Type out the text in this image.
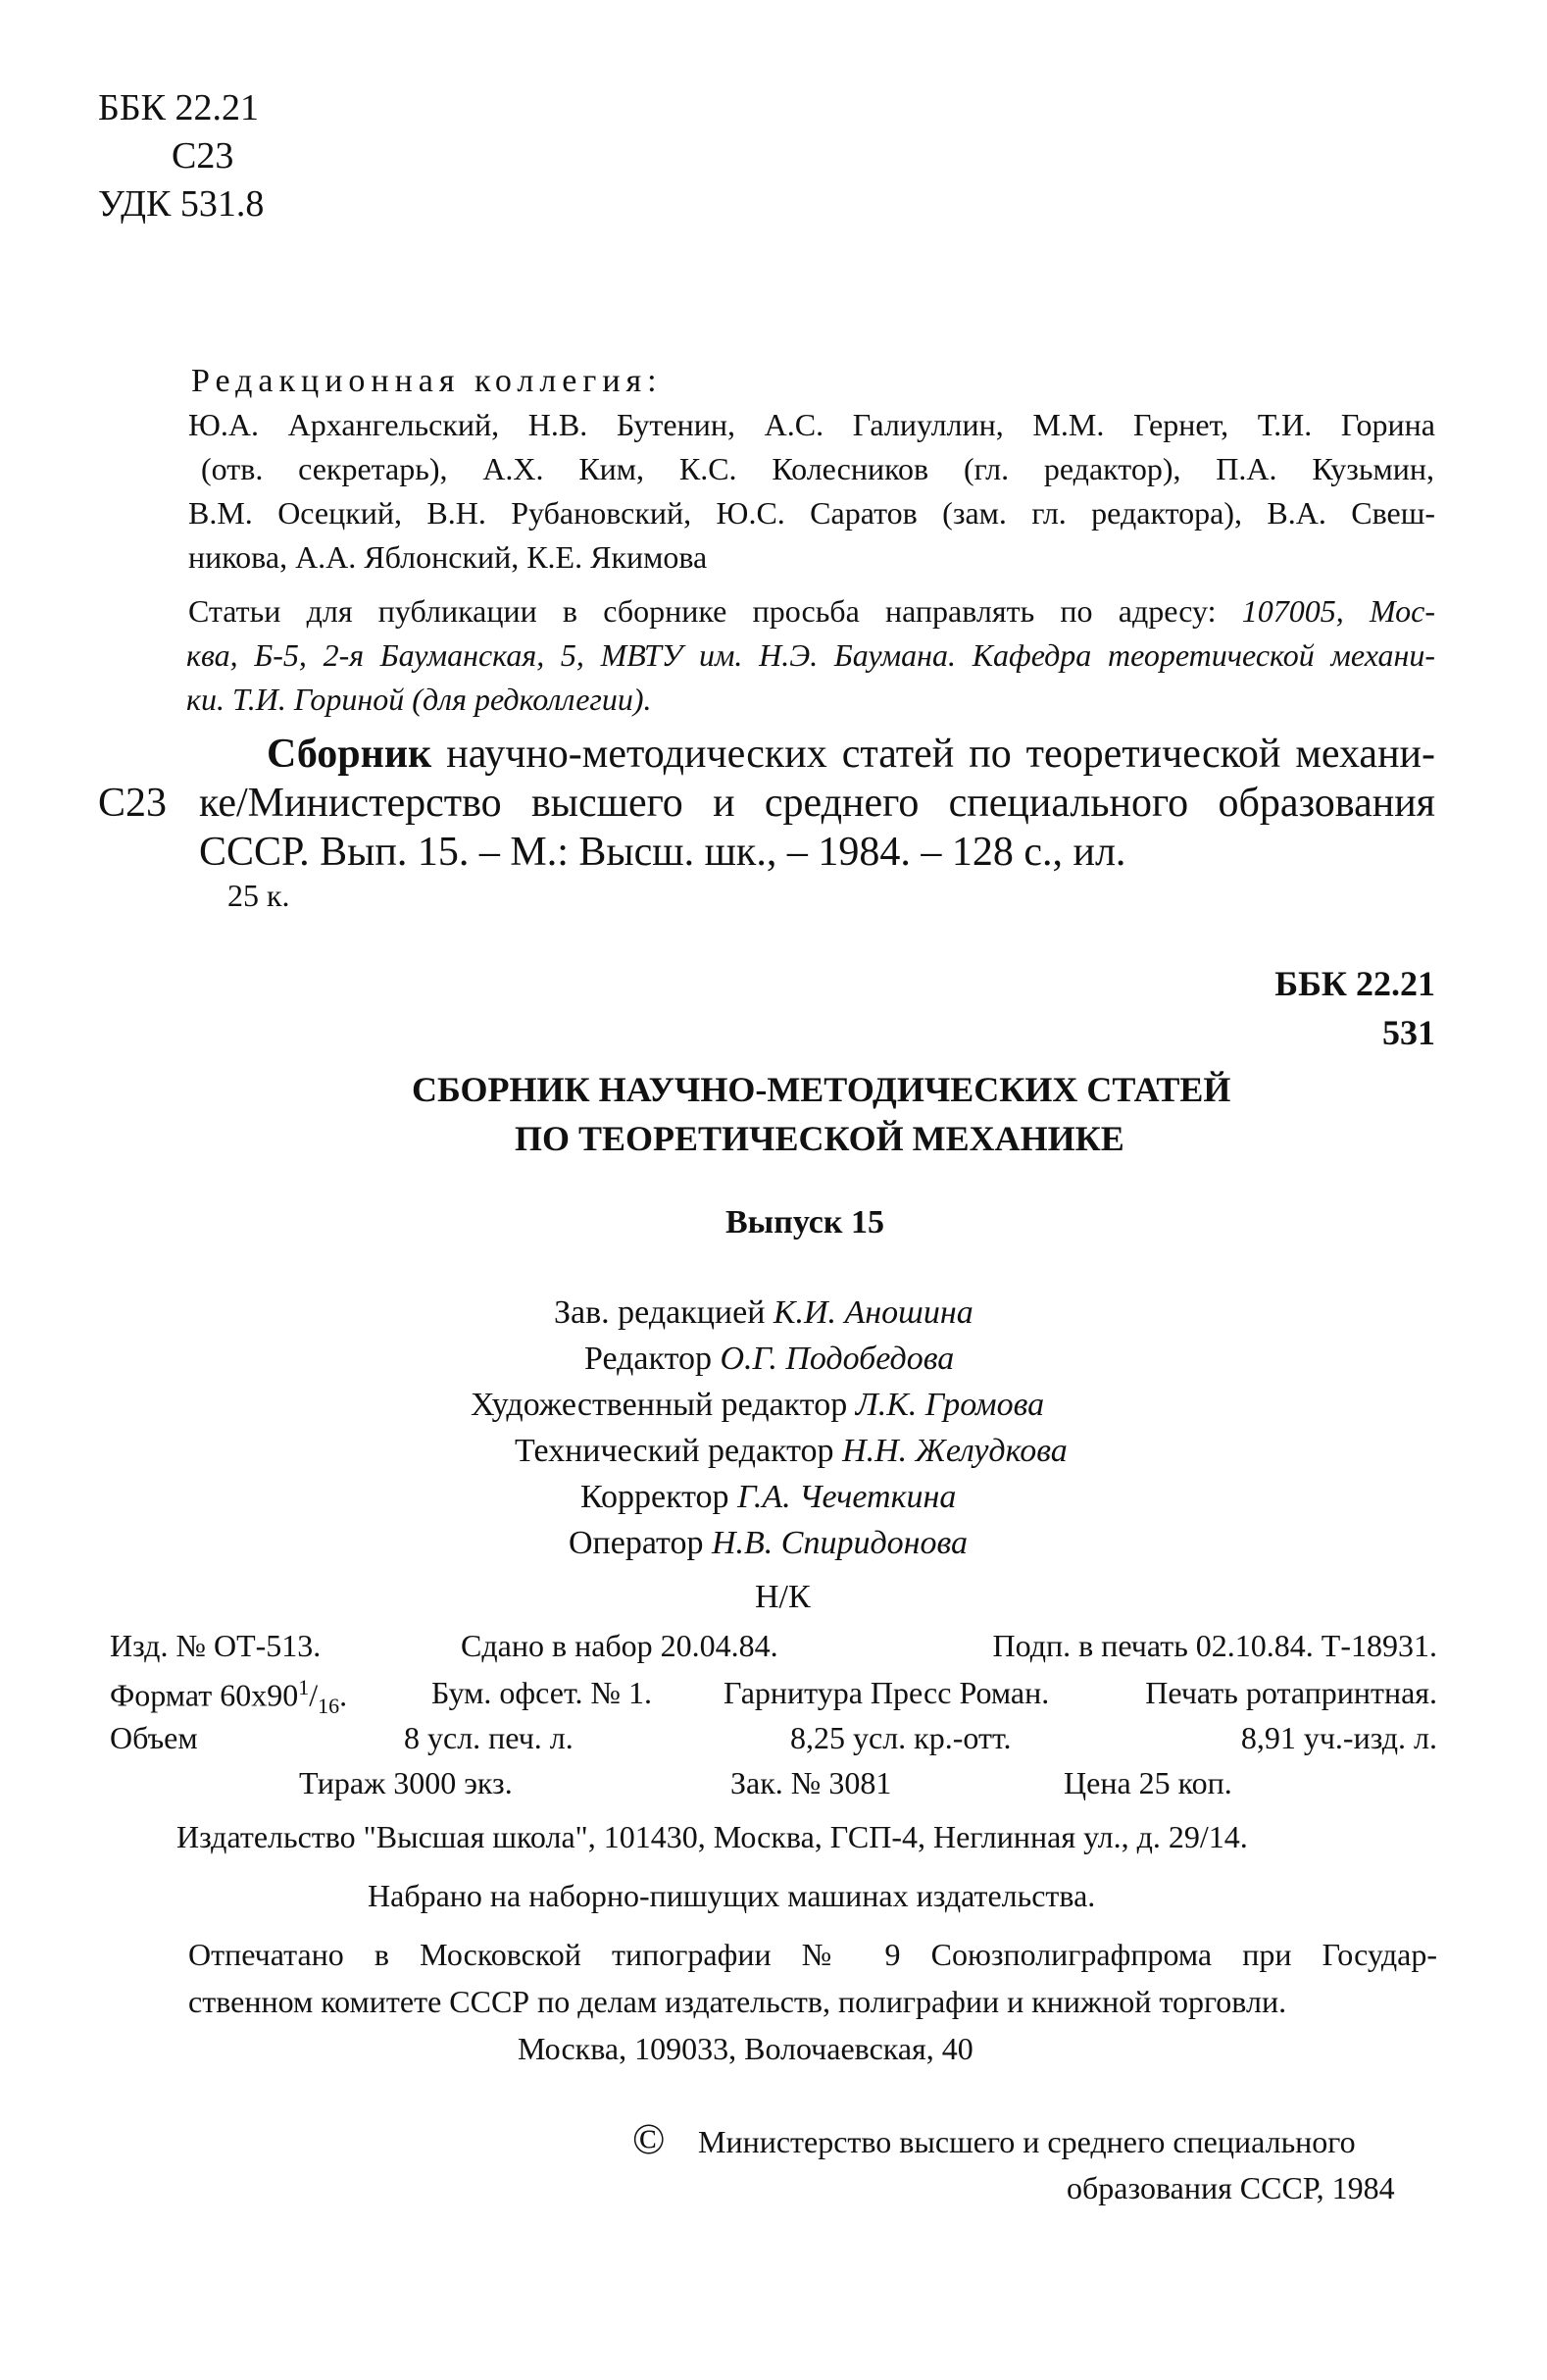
ББК 22.21
С23
УДК 531.8
Редакционная коллегия:
Ю.А. Архангельский, Н.В. Бутенин, А.С. Галиуллин, М.М. Гернет, Т.И. Горина
(отв. секретарь), А.Х. Ким, К.С. Колесников (гл. редактор), П.А. Кузьмин,
В.М. Осецкий, В.Н. Рубановский, Ю.С. Саратов (зам. гл. редактора), В.А. Свеш-
никова, А.А. Яблонский, К.Е. Якимова
Статьи для публикации в сборнике просьба направлять по адресу: 107005, Мос-
ква, Б-5, 2-я Бауманская, 5, МВТУ им. Н.Э. Баумана. Кафедра теоретической механи-
ки. Т.И. Гориной (для редколлегии).
С23
Сборник научно-методических статей по теоретической механи-
ке/Министерство высшего и среднего специального образования
СССР. Вып. 15. – М.: Высш. шк., – 1984. – 128 с., ил.
25 к.
ББК 22.21
531
СБОРНИК НАУЧНО-МЕТОДИЧЕСКИХ СТАТЕЙ
ПО ТЕОРЕТИЧЕСКОЙ МЕХАНИКЕ
Выпуск 15
Зав. редакцией К.И. Аношина
Редактор О.Г. Подобедова
Художественный редактор Л.К. Громова
Технический редактор Н.Н. Желудкова
Корректор Г.А. Чечеткина
Оператор Н.В. Спиридонова
Н/К
Изд. № ОТ-513.	Сдано в набор 20.04.84.	Подп. в печать 02.10.84. Т-18931.
Формат $60х90^1/_{16}$.	Бум. офсет. № 1. Гарнитура Пресс Роман.	Печать ротапринтная.
Объем	8 усл. печ. л.	8,25 усл. кр.-отт.	8,91 уч.-изд. л.
Тираж 3000 экз.	Зак. № 3081	Цена 25 коп.
Издательство "Высшая школа", 101430, Москва, ГСП-4, Неглинная ул., д. 29/14.
Набрано на наборно-пишущих машинах издательства.
Отпечатано в Московской типографии № 9 Союзполиграфпрома при Государ-
ственном комитете СССР по делам издательств, полиграфии и книжной торговли.
Москва, 109033, Волочаевская, 40
© Министерство высшего и среднего специального
образования СССР, 1984
